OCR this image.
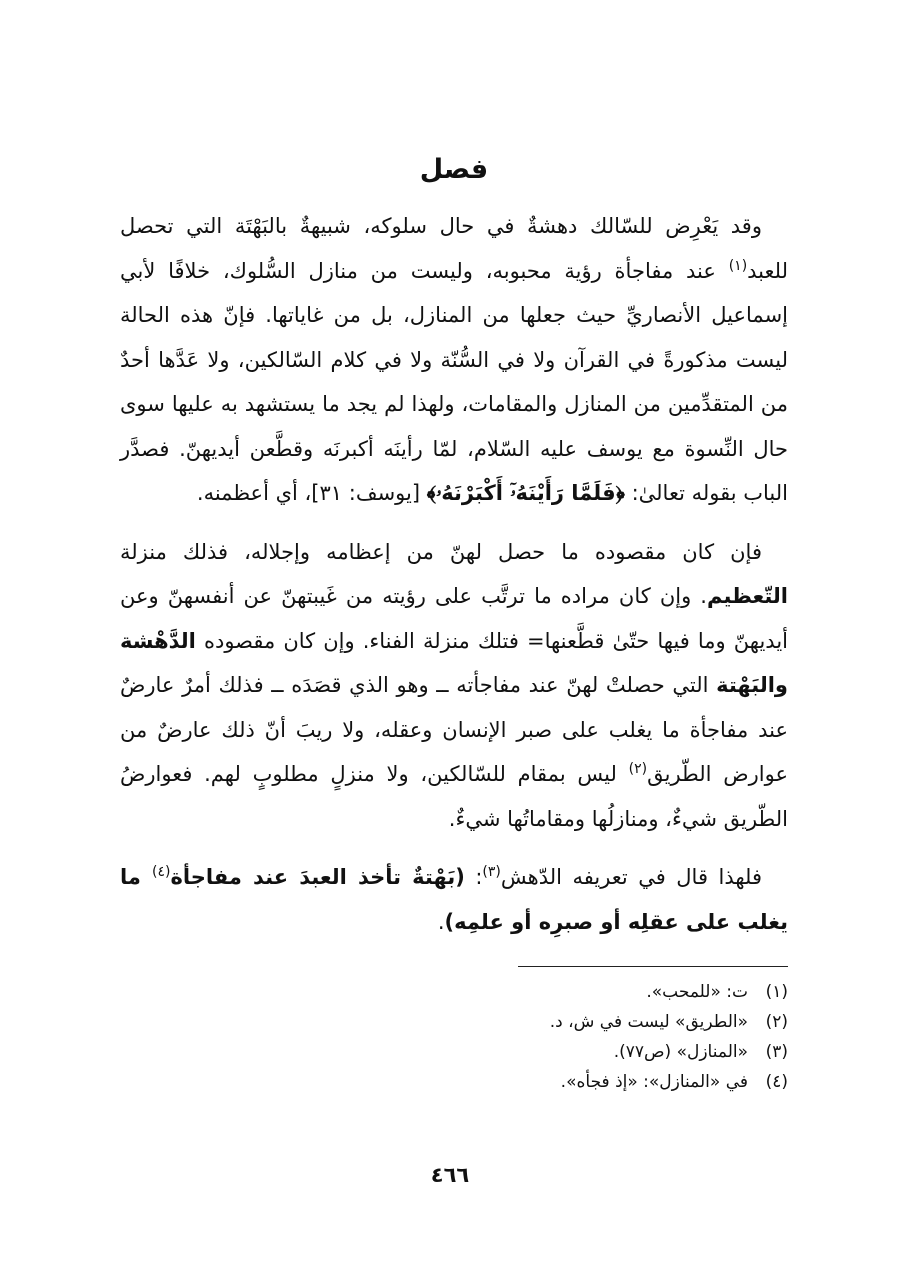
فصل

وقد يَعْرِض للسّالك دهشةٌ في حال سلوكه، شبيهةٌ بالبَهْتَة التي تحصل للعبد$^{(١)}$ عند مفاجأة رؤية محبوبه، وليست من منازل السُّلوك، خلافًا لأبي إسماعيل الأنصاريِّ حيث جعلها من المنازل، بل من غاياتها. فإنّ هذه الحالة ليست مذكورةً في القرآن ولا في السُّنّة ولا في كلام السّالكين، ولا عَدَّها أحدٌ من المتقدِّمين من المنازل والمقامات، ولهذا لم يجد ما يستشهد به عليها سوى حال النِّسوة مع يوسف عليه السّلام، لمّا رأينَه أكبرنَه وقطَّعن أيديهنّ. فصدَّر الباب بقوله تعالىٰ: ﴿فَلَمَّا رَأَيْنَهُۥٓ أَكْبَرْنَهُۥ﴾ [يوسف: ٣١]، أي أعظمنه.

فإن كان مقصوده ما حصل لهنّ من إعظامه وإجلاله، فذلك منزلة التّعظيم. وإن كان مراده ما ترتَّب على رؤيته من غَيبتهنّ عن أنفسهنّ وعن أيديهنّ وما فيها حتّىٰ قطَّعنها= فتلك منزلة الفناء. وإن كان مقصوده الدَّهْشة والبَهْتة التي حصلتْ لهنّ عند مفاجأته ــ وهو الذي قصَدَه ــ فذلك أمرٌ عارضٌ عند مفاجأة ما يغلب على صبر الإنسان وعقله، ولا ريبَ أنّ ذلك عارضٌ من عوارض الطّريق$^{(٢)}$ ليس بمقام للسّالكين، ولا منزلٍ مطلوبٍ لهم. فعوارضُ الطّريق شيءٌ، ومنازلُها ومقاماتُها شيءٌ.

فلهذا قال في تعريفه الدّهش$^{(٣)}$: (بَهْتةٌ تأخذ العبدَ عند مفاجأة$^{(٤)}$ ما يغلب على عقلِه أو صبرِه أو علمِه).

(١)
ت: «للمحب».
(٢)
«الطريق» ليست في ش، د.
(٣)
«المنازل» (ص٧٧).
(٤)
في «المنازل»: «إذ فجأه».
٤٦٦
